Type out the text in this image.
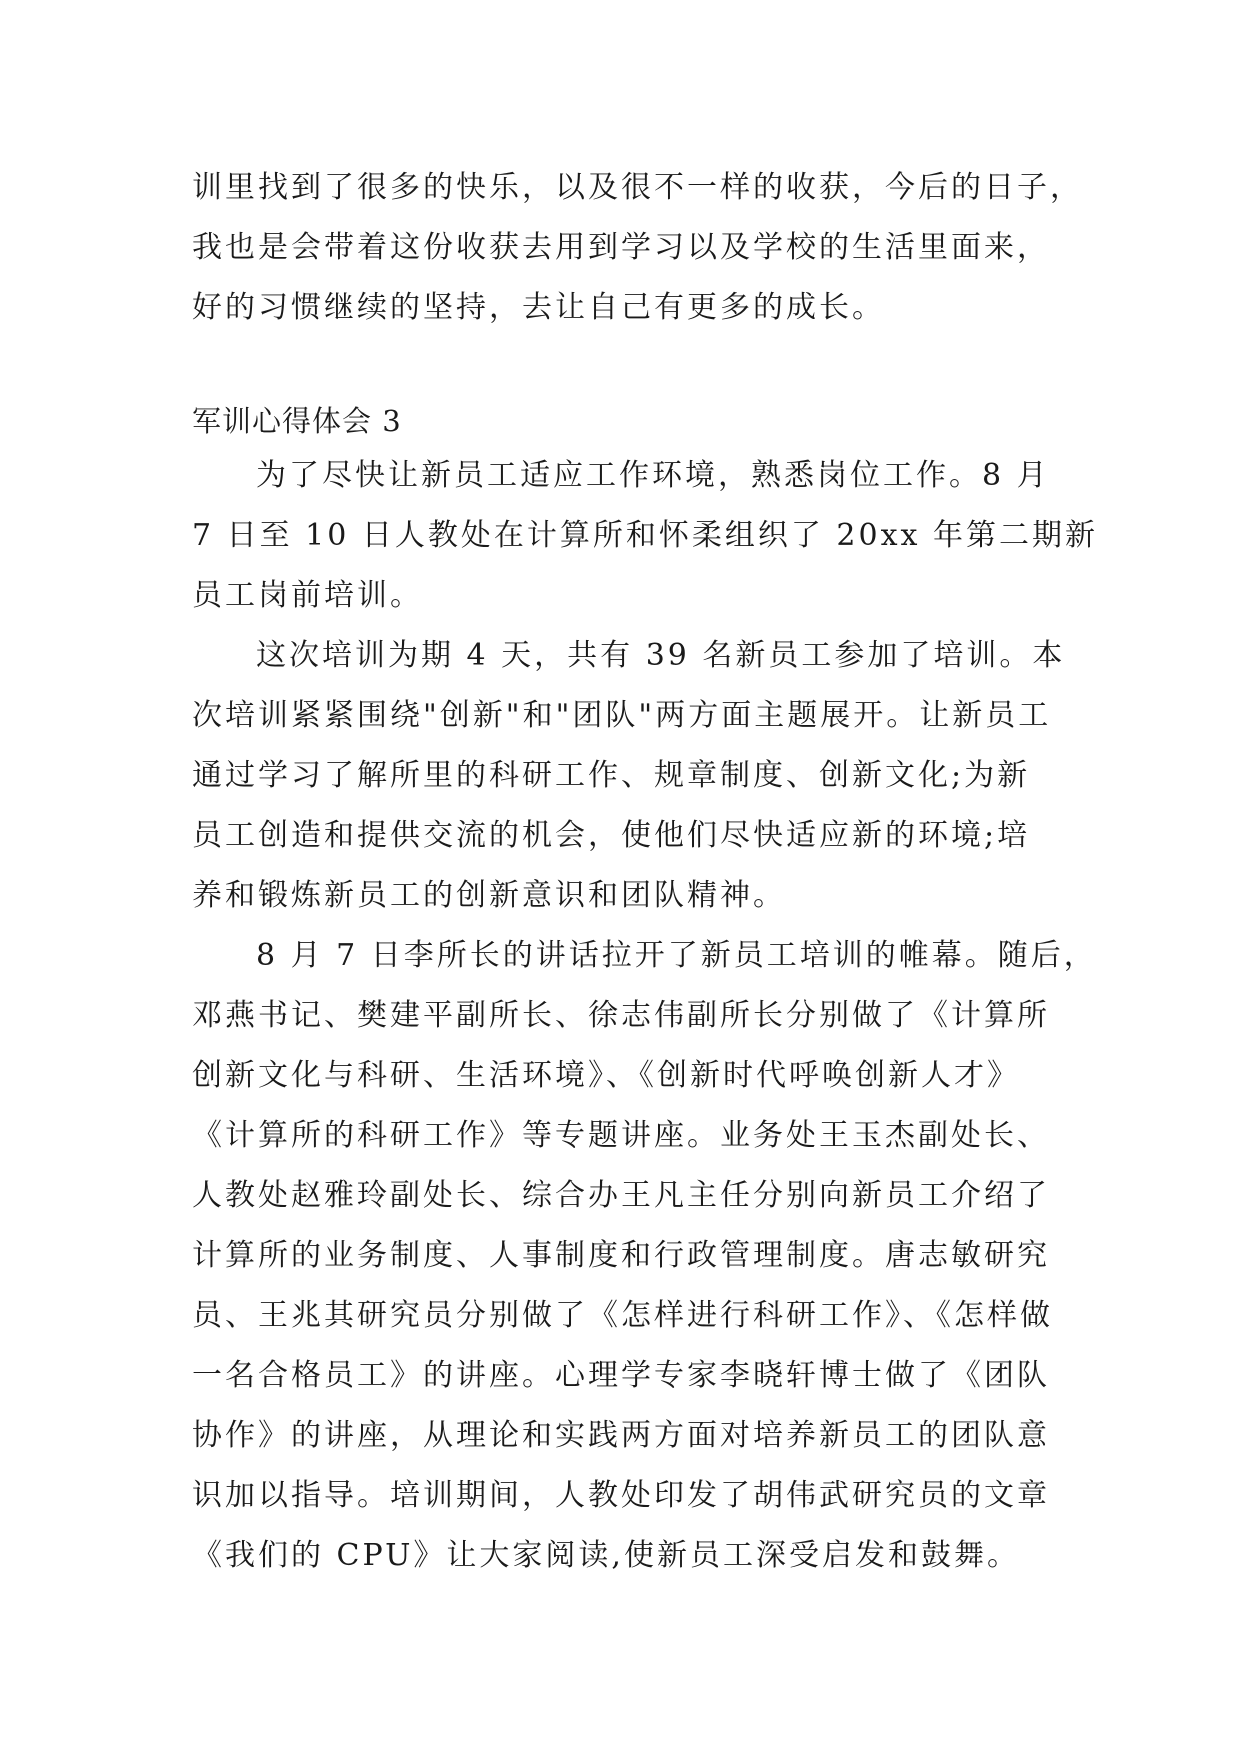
训里找到了很多的快乐，以及很不一样的收获，今后的日子，
我也是会带着这份收获去用到学习以及学校的生活里面来，
好的习惯继续的坚持，去让自己有更多的成长。
军训心得体会 3
为了尽快让新员工适应工作环境，熟悉岗位工作。8 月
7 日至 10 日人教处在计算所和怀柔组织了 20xx 年第二期新
员工岗前培训。
这次培训为期 4 天，共有 39 名新员工参加了培训。本
次培训紧紧围绕"创新"和"团队"两方面主题展开。让新员工
通过学习了解所里的科研工作、规章制度、创新文化;为新
员工创造和提供交流的机会，使他们尽快适应新的环境;培
养和锻炼新员工的创新意识和团队精神。
8 月 7 日李所长的讲话拉开了新员工培训的帷幕。随后，
邓燕书记、樊建平副所长、徐志伟副所长分别做了《计算所
创新文化与科研、生活环境》、《创新时代呼唤创新人才》
《计算所的科研工作》等专题讲座。业务处王玉杰副处长、
人教处赵雅玲副处长、综合办王凡主任分别向新员工介绍了
计算所的业务制度、人事制度和行政管理制度。唐志敏研究
员、王兆其研究员分别做了《怎样进行科研工作》、《怎样做
一名合格员工》的讲座。心理学专家李晓轩博士做了《团队
协作》的讲座，从理论和实践两方面对培养新员工的团队意
识加以指导。培训期间，人教处印发了胡伟武研究员的文章
《我们的 CPU》让大家阅读,使新员工深受启发和鼓舞。
